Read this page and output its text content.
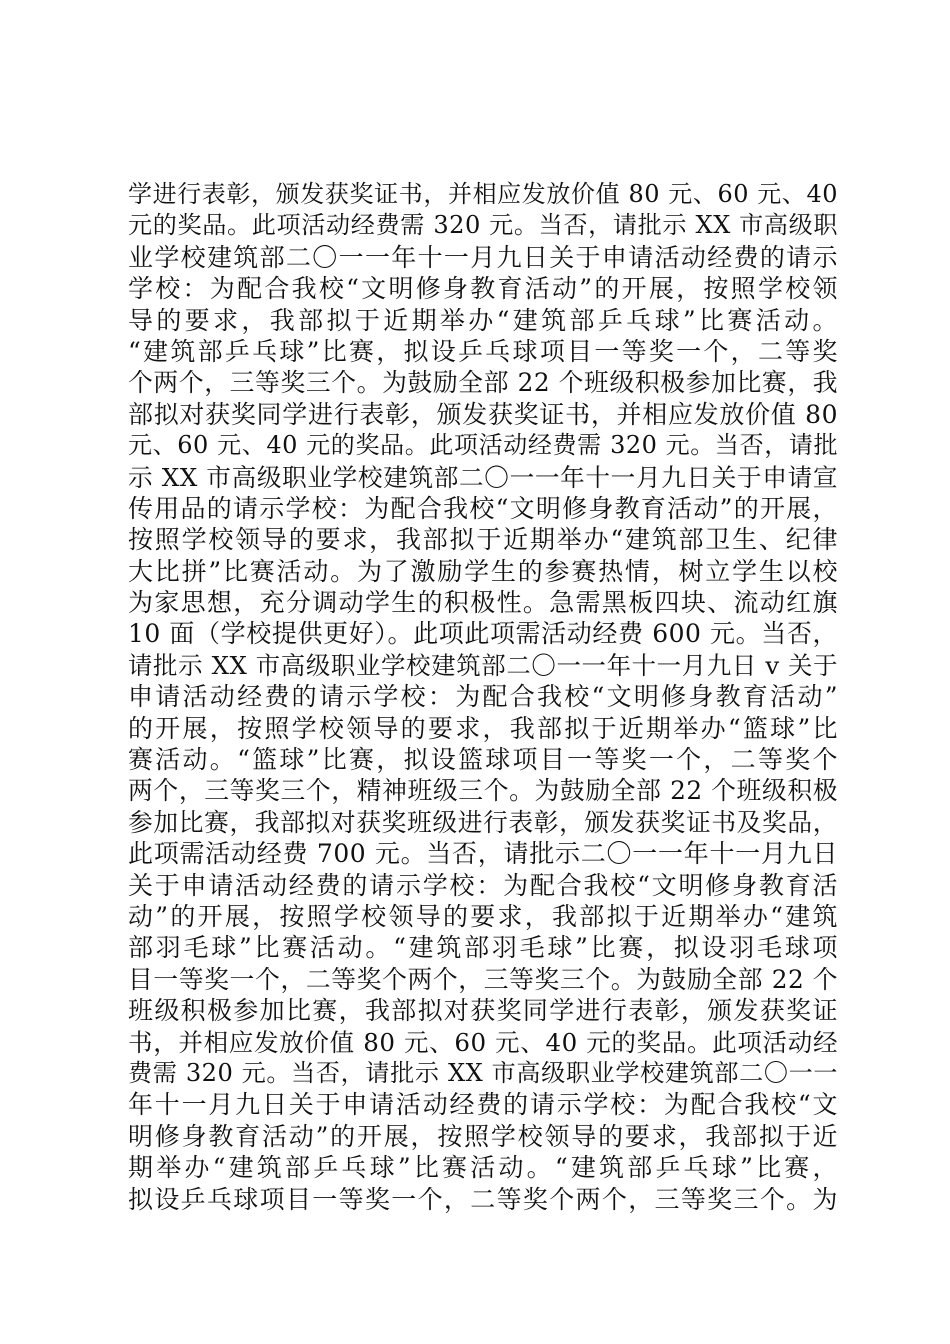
学进行表彰，颁发获奖证书，并相应发放价值 80 元、60 元、40
元的奖品。此项活动经费需 320 元。当否，请批示 XX 市高级职
业学校建筑部二〇一一年十一月九日关于申请活动经费的请示
学校：为配合我校“文明修身教育活动”的开展，按照学校领
导的要求，我部拟于近期举办“建筑部乒乓球”比赛活动。
“建筑部乒乓球”比赛，拟设乒乓球项目一等奖一个，二等奖
个两个，三等奖三个。为鼓励全部 22 个班级积极参加比赛，我
部拟对获奖同学进行表彰，颁发获奖证书，并相应发放价值 80
元、60 元、40 元的奖品。此项活动经费需 320 元。当否，请批
示 XX 市高级职业学校建筑部二〇一一年十一月九日关于申请宣
传用品的请示学校：为配合我校“文明修身教育活动”的开展，
按照学校领导的要求，我部拟于近期举办“建筑部卫生、纪律
大比拼”比赛活动。为了激励学生的参赛热情，树立学生以校
为家思想，充分调动学生的积极性。急需黑板四块、流动红旗
10 面（学校提供更好）。此项此项需活动经费 600 元。当否，
请批示 XX 市高级职业学校建筑部二〇一一年十一月九日 v 关于
申请活动经费的请示学校：为配合我校“文明修身教育活动”
的开展，按照学校领导的要求，我部拟于近期举办“篮球”比
赛活动。“篮球”比赛，拟设篮球项目一等奖一个，二等奖个
两个，三等奖三个，精神班级三个。为鼓励全部 22 个班级积极
参加比赛，我部拟对获奖班级进行表彰，颁发获奖证书及奖品，
此项需活动经费 700 元。当否，请批示二〇一一年十一月九日
关于申请活动经费的请示学校：为配合我校“文明修身教育活
动”的开展，按照学校领导的要求，我部拟于近期举办“建筑
部羽毛球”比赛活动。“建筑部羽毛球”比赛，拟设羽毛球项
目一等奖一个，二等奖个两个，三等奖三个。为鼓励全部 22 个
班级积极参加比赛，我部拟对获奖同学进行表彰，颁发获奖证
书，并相应发放价值 80 元、60 元、40 元的奖品。此项活动经
费需 320 元。当否，请批示 XX 市高级职业学校建筑部二〇一一
年十一月九日关于申请活动经费的请示学校：为配合我校“文
明修身教育活动”的开展，按照学校领导的要求，我部拟于近
期举办“建筑部乒乓球”比赛活动。“建筑部乒乓球”比赛，
拟设乒乓球项目一等奖一个，二等奖个两个，三等奖三个。为
